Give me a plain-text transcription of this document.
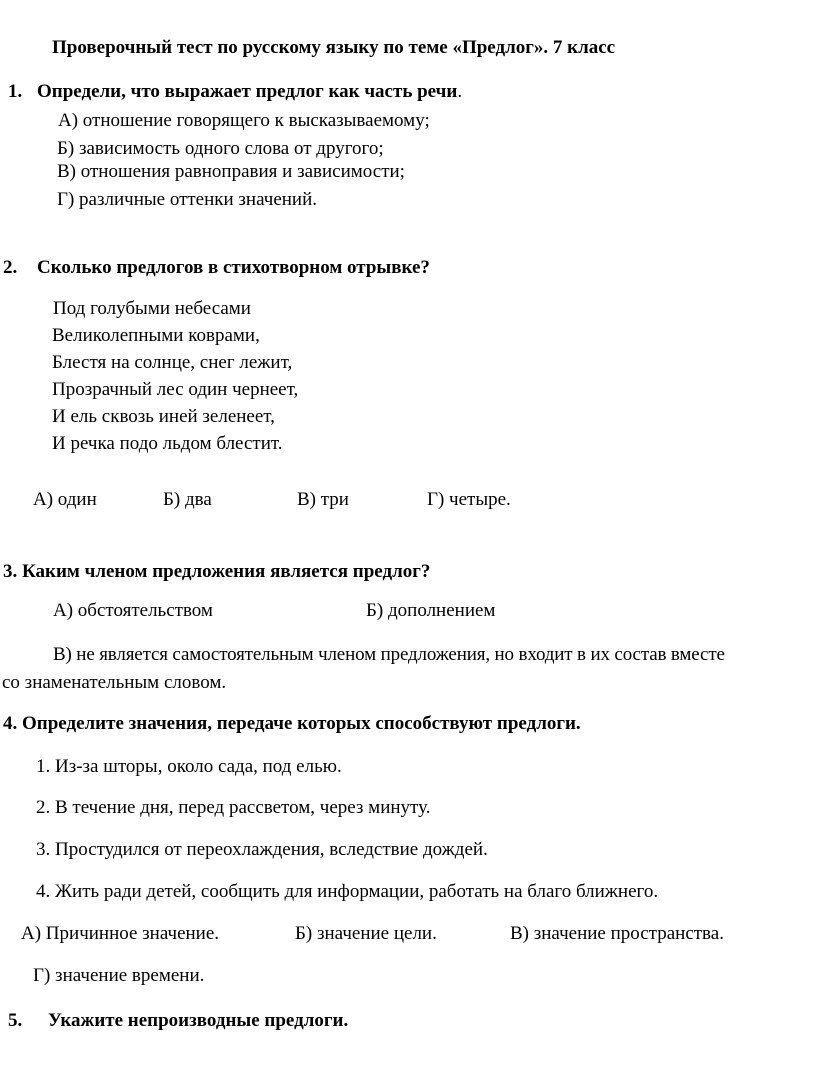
Проверочный тест по русскому языку по теме «Предлог». 7 класс
1. Определи, что выражает предлог как часть речи.
А) отношение говорящего к высказываемому;
Б) зависимость одного слова от другого;
В) отношения равноправия и зависимости;
Г) различные оттенки значений.
2. Сколько предлогов в стихотворном отрывке?
Под голубыми небесами
Великолепными коврами,
Блестя на солнце, снег лежит,
Прозрачный лес один чернеет,
И ель сквозь иней зеленеет,
И речка подо льдом блестит.
А) один	Б) два	В) три	Г) четыре.
3. Каким членом предложения является предлог?
А) обстоятельством	Б) дополнением
В) не является самостоятельным членом предложения, но входит в их состав вместе
со знаменательным словом.
4. Определите значения, передаче которых способствуют предлоги.
1. Из-за шторы, около сада, под елью.
2. В течение дня, перед рассветом, через минуту.
3. Простудился от переохлаждения, вследствие дождей.
4. Жить ради детей, сообщить для информации, работать на благо ближнего.
А) Причинное значение.	Б) значение цели.	В) значение пространства.
Г) значение времени.
5. Укажите непроизводные предлоги.
